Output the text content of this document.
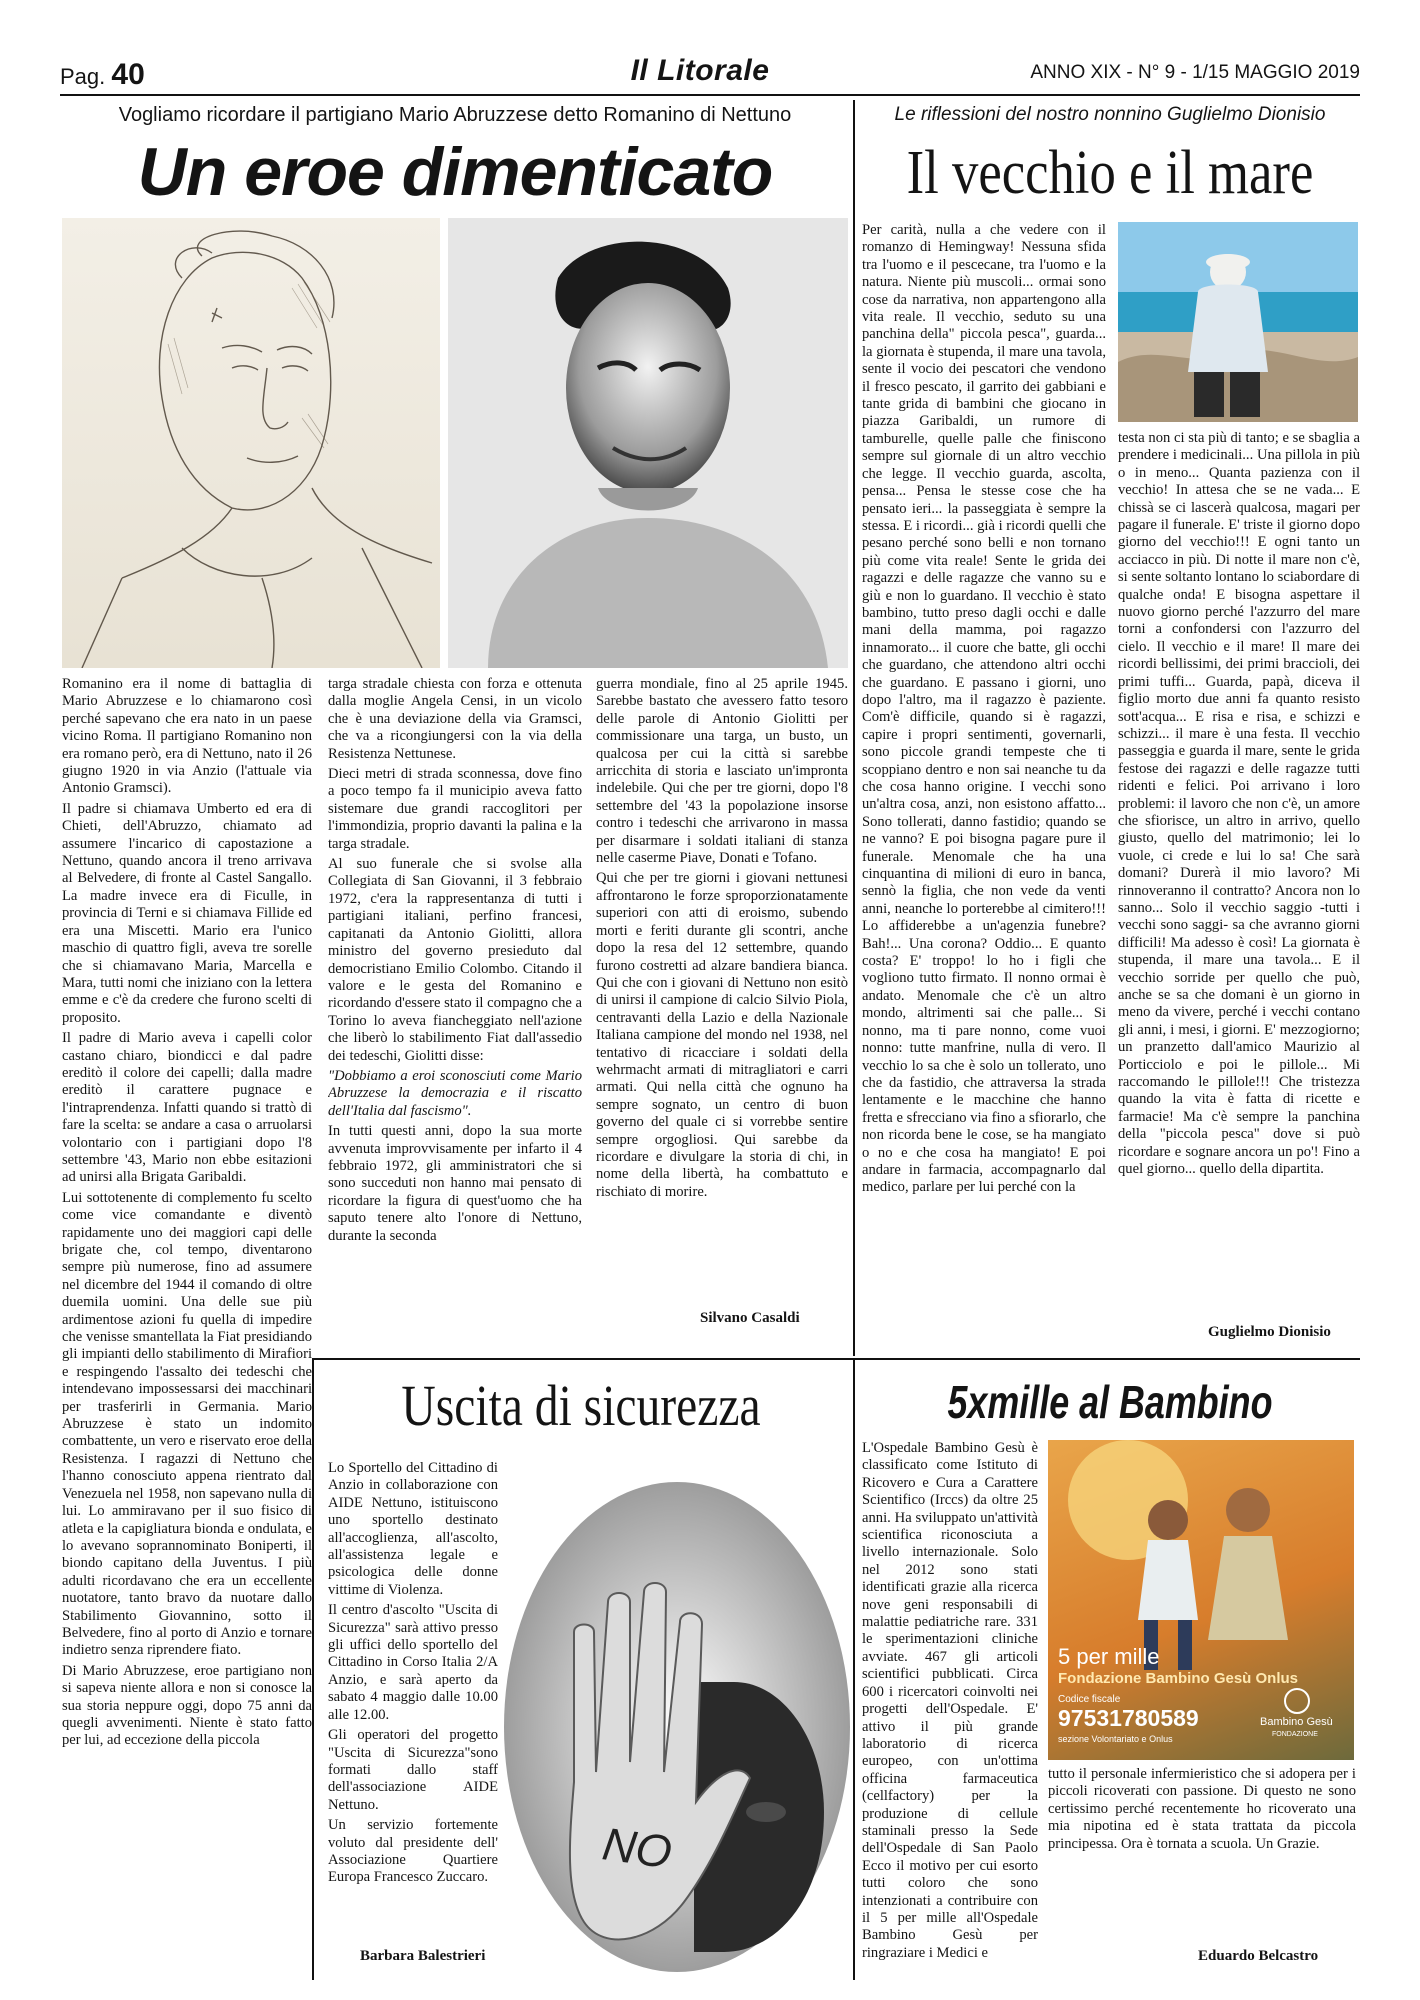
Pag. 40	Il Litorale	ANNO XIX - N° 9 - 1/15 MAGGIO 2019
Vogliamo ricordare il partigiano Mario Abruzzese detto Romanino di Nettuno
Un eroe dimenticato

Romanino era il nome di battaglia di Mario Abruzzese e lo chiamarono così perché sapevano che era nato in un paese vicino Roma. Il partigiano Romanino non era romano però, era di Nettuno, nato il 26 giugno 1920 in via Anzio (l'attuale via Antonio Gramsci).

Il padre si chiamava Umberto ed era di Chieti, dell'Abruzzo, chiamato ad assumere l'incarico di capostazione a Nettuno, quando ancora il treno arrivava al Belvedere, di fronte al Castel Sangallo. La madre invece era di Ficulle, in provincia di Terni e si chiamava Fillide ed era una Miscetti. Mario era l'unico maschio di quattro figli, aveva tre sorelle che si chiamavano Maria, Marcella e Mara, tutti nomi che iniziano con la lettera emme e c'è da credere che furono scelti di proposito.

Il padre di Mario aveva i capelli color castano chiaro, biondicci e dal padre ereditò il colore dei capelli; dalla madre ereditò il carattere pugnace e l'intraprendenza. Infatti quando si trattò di fare la scelta: se andare a casa o arruolarsi volontario con i partigiani dopo l'8 settembre '43, Mario non ebbe esitazioni ad unirsi alla Brigata Garibaldi.

Lui sottotenente di complemento fu scelto come vice comandante e diventò rapidamente uno dei maggiori capi delle brigate che, col tempo, diventarono sempre più numerose, fino ad assumere nel dicembre del 1944 il comando di oltre duemila uomini. Una delle sue più ardimentose azioni fu quella di impedire che venisse smantellata la Fiat presidiando gli impianti dello stabilimento di Mirafiori e respingendo l'assalto dei tedeschi che intendevano impossessarsi dei macchinari per trasferirli in Germania. Mario Abruzzese è stato un indomito combattente, un vero e riservato eroe della Resistenza. I ragazzi di Nettuno che l'hanno conosciuto appena rientrato dal Venezuela nel 1958, non sapevano nulla di lui. Lo ammiravano per il suo fisico di atleta e la capigliatura bionda e ondulata, e lo avevano soprannominato Boniperti, il biondo capitano della Juventus. I più adulti ricordavano che era un eccellente nuotatore, tanto bravo da nuotare dallo Stabilimento Giovannino, sotto il Belvedere, fino al porto di Anzio e tornare indietro senza riprendere fiato.

Di Mario Abruzzese, eroe partigiano non si sapeva niente allora e non si conosce la sua storia neppure oggi, dopo 75 anni da quegli avvenimenti. Niente è stato fatto per lui, ad eccezione della piccola

targa stradale chiesta con forza e ottenuta dalla moglie Angela Censi, in un vicolo che è una deviazione della via Gramsci, che va a ricongiungersi con la via della Resistenza Nettunese.

Dieci metri di strada sconnessa, dove fino a poco tempo fa il municipio aveva fatto sistemare due grandi raccoglitori per l'immondizia, proprio davanti la palina e la targa stradale.

Al suo funerale che si svolse alla Collegiata di San Giovanni, il 3 febbraio 1972, c'era la rappresentanza di tutti i partigiani italiani, perfino francesi, capitanati da Antonio Giolitti, allora ministro del governo presieduto dal democristiano Emilio Colombo. Citando il valore e le gesta del Romanino e ricordando d'essere stato il compagno che a Torino lo aveva fiancheggiato nell'azione che liberò lo stabilimento Fiat dall'assedio dei tedeschi, Giolitti disse:

"Dobbiamo a eroi sconosciuti come Mario Abruzzese la democrazia e il riscatto dell'Italia dal fascismo".

In tutti questi anni, dopo la sua morte avvenuta improvvisamente per infarto il 4 febbraio 1972, gli amministratori che si sono succeduti non hanno mai pensato di ricordare la figura di quest'uomo che ha saputo tenere alto l'onore di Nettuno, durante la seconda

guerra mondiale, fino al 25 aprile 1945. Sarebbe bastato che avessero fatto tesoro delle parole di Antonio Giolitti per commissionare una targa, un busto, un qualcosa per cui la città si sarebbe arricchita di storia e lasciato un'impronta indelebile. Qui che per tre giorni, dopo l'8 settembre del '43 la popolazione insorse contro i tedeschi che arrivarono in massa per disarmare i soldati italiani di stanza nelle caserme Piave, Donati e Tofano.

Qui che per tre giorni i giovani nettunesi affrontarono le forze sproporzionatamente superiori con atti di eroismo, subendo morti e feriti durante gli scontri, anche dopo la resa del 12 settembre, quando furono costretti ad alzare bandiera bianca. Qui che con i giovani di Nettuno non esitò di unirsi il campione di calcio Silvio Piola, centravanti della Lazio e della Nazionale Italiana campione del mondo nel 1938, nel tentativo di ricacciare i soldati della wehrmacht armati di mitragliatori e carri armati. Qui nella città che ognuno ha sempre sognato, un centro di buon governo del quale ci si vorrebbe sentire sempre orgogliosi. Qui sarebbe da ricordare e divulgare la storia di chi, in nome della libertà, ha combattuto e rischiato di morire.

Silvano Casaldi
Le riflessioni del nostro nonnino Guglielmo Dionisio
Il vecchio e il mare

Per carità, nulla a che vedere con il romanzo di Hemingway! Nessuna sfida tra l'uomo e il pescecane, tra l'uomo e la natura. Niente più muscoli... ormai sono cose da narrativa, non appartengono alla vita reale. Il vecchio, seduto su una panchina della" piccola pesca", guarda... la giornata è stupenda, il mare una tavola, sente il vocio dei pescatori che vendono il fresco pescato, il garrito dei gabbiani e tante grida di bambini che giocano in piazza Garibaldi, un rumore di tamburelle, quelle palle che finiscono sempre sul giornale di un altro vecchio che legge. Il vecchio guarda, ascolta, pensa... Pensa le stesse cose che ha pensato ieri... la passeggiata è sempre la stessa. E i ricordi... già i ricordi quelli che pesano perché sono belli e non tornano più come vita reale! Sente le grida dei ragazzi e delle ragazze che vanno su e giù e non lo guardano. Il vecchio è stato bambino, tutto preso dagli occhi e dalle mani della mamma, poi ragazzo innamorato... il cuore che batte, gli occhi che guardano, che attendono altri occhi che guardano. E passano i giorni, uno dopo l'altro, ma il ragazzo è paziente. Com'è difficile, quando si è ragazzi, capire i propri sentimenti, governarli, sono piccole grandi tempeste che ti scoppiano dentro e non sai neanche tu da che cosa hanno origine. I vecchi sono un'altra cosa, anzi, non esistono affatto... Sono tollerati, danno fastidio; quando se ne vanno? E poi bisogna pagare pure il funerale. Menomale che ha una cinquantina di milioni di euro in banca, sennò la figlia, che non vede da venti anni, neanche lo porterebbe al cimitero!!! Lo affiderebbe a un'agenzia funebre? Bah!... Una corona? Oddio... E quanto costa? E' troppo! lo ho i figli che vogliono tutto firmato. Il nonno ormai è andato. Menomale che c'è un altro mondo, altrimenti sai che palle... Si nonno, ma ti pare nonno, come vuoi nonno: tutte manfrine, nulla di vero. Il vecchio lo sa che è solo un tollerato, uno che da fastidio, che attraversa la strada lentamente e le macchine che hanno fretta e sfrecciano via fino a sfiorarlo, che non ricorda bene le cose, se ha mangiato o no e che cosa ha mangiato! E poi andare in farmacia, accompagnarlo dal medico, parlare per lui perché con la

testa non ci sta più di tanto; e se sbaglia a prendere i medicinali... Una pillola in più o in meno... Quanta pazienza con il vecchio! In attesa che se ne vada... E chissà se ci lascerà qualcosa, magari per pagare il funerale. E' triste il giorno dopo giorno del vecchio!!! E ogni tanto un acciacco in più. Di notte il mare non c'è, si sente soltanto lontano lo sciabordare di qualche onda! E bisogna aspettare il nuovo giorno perché l'azzurro del mare torni a confondersi con l'azzurro del cielo. Il vecchio e il mare! Il mare dei ricordi bellissimi, dei primi braccioli, dei primi tuffi... Guarda, papà, diceva il figlio morto due anni fa quanto resisto sott'acqua... E risa e risa, e schizzi e schizzi... il mare è una festa. Il vecchio passeggia e guarda il mare, sente le grida festose dei ragazzi e delle ragazze tutti ridenti e felici. Poi arrivano i loro problemi: il lavoro che non c'è, un amore che sfiorisce, un altro in arrivo, quello giusto, quello del matrimonio; lei lo vuole, ci crede e lui lo sa! Che sarà domani? Durerà il mio lavoro? Mi rinnoveranno il contratto? Ancora non lo sanno... Solo il vecchio saggio -tutti i vecchi sono saggi- sa che avranno giorni difficili! Ma adesso è così! La giornata è stupenda, il mare una tavola... E il vecchio sorride per quello che può, anche se sa che domani è un giorno in meno da vivere, perché i vecchi contano gli anni, i mesi, i giorni. E' mezzogiorno; un pranzetto dall'amico Maurizio al Porticciolo e poi le pillole... Mi raccomando le pillole!!! Che tristezza quando la vita è fatta di ricette e farmacie! Ma c'è sempre la panchina della "piccola pesca" dove si può ricordare e sognare ancora un po'! Fino a quel giorno... quello della dipartita.

Guglielmo Dionisio
Uscita di sicurezza

Lo Sportello del Cittadino di Anzio in collaborazione con AIDE Nettuno, istituiscono uno sportello destinato all'accoglienza, all'ascolto, all'assistenza legale e psicologica delle donne vittime di Violenza.

Il centro d'ascolto "Uscita di Sicurezza" sarà attivo presso gli uffici dello sportello del Cittadino in Corso Italia 2/A Anzio, e sarà aperto da sabato 4 maggio dalle 10.00 alle 12.00.

Gli operatori del progetto "Uscita di Sicurezza"sono formati dallo staff dell'associazione AIDE Nettuno.

Un servizio fortemente voluto dal presidente dell' Associazione Quartiere Europa Francesco Zuccaro.

Barbara Balestrieri
NO
5xmille al Bambino

L'Ospedale Bambino Gesù è classificato come Istituto di Ricovero e Cura a Carattere Scientifico (Irccs) da oltre 25 anni. Ha sviluppato un'attività scientifica riconosciuta a livello internazionale. Solo nel 2012 sono stati identificati grazie alla ricerca nove geni responsabili di malattie pediatriche rare. 331 le sperimentazioni cliniche avviate. 467 gli articoli scientifici pubblicati. Circa 600 i ricercatori coinvolti nei progetti dell'Ospedale. E' attivo il più grande laboratorio di ricerca europeo, con un'ottima officina farmaceutica (cellfactory) per la produzione di cellule staminali presso la Sede dell'Ospedale di San Paolo Ecco il motivo per cui esorto tutti coloro che sono intenzionati a contribuire con il 5 per mille all'Ospedale Bambino Gesù per ringraziare i Medici e

5 per mille
Fondazione Bambino Gesù Onlus
Codice fiscale
97531780589
sezione Volontariato e Onlus
Bambino Gesù
FONDAZIONE

tutto il personale infermieristico che si adopera per i piccoli ricoverati con passione. Di questo ne sono certissimo perché recentemente ho ricoverato una mia nipotina ed è stata trattata da piccola principessa. Ora è tornata a scuola. Un Grazie.

Eduardo Belcastro
